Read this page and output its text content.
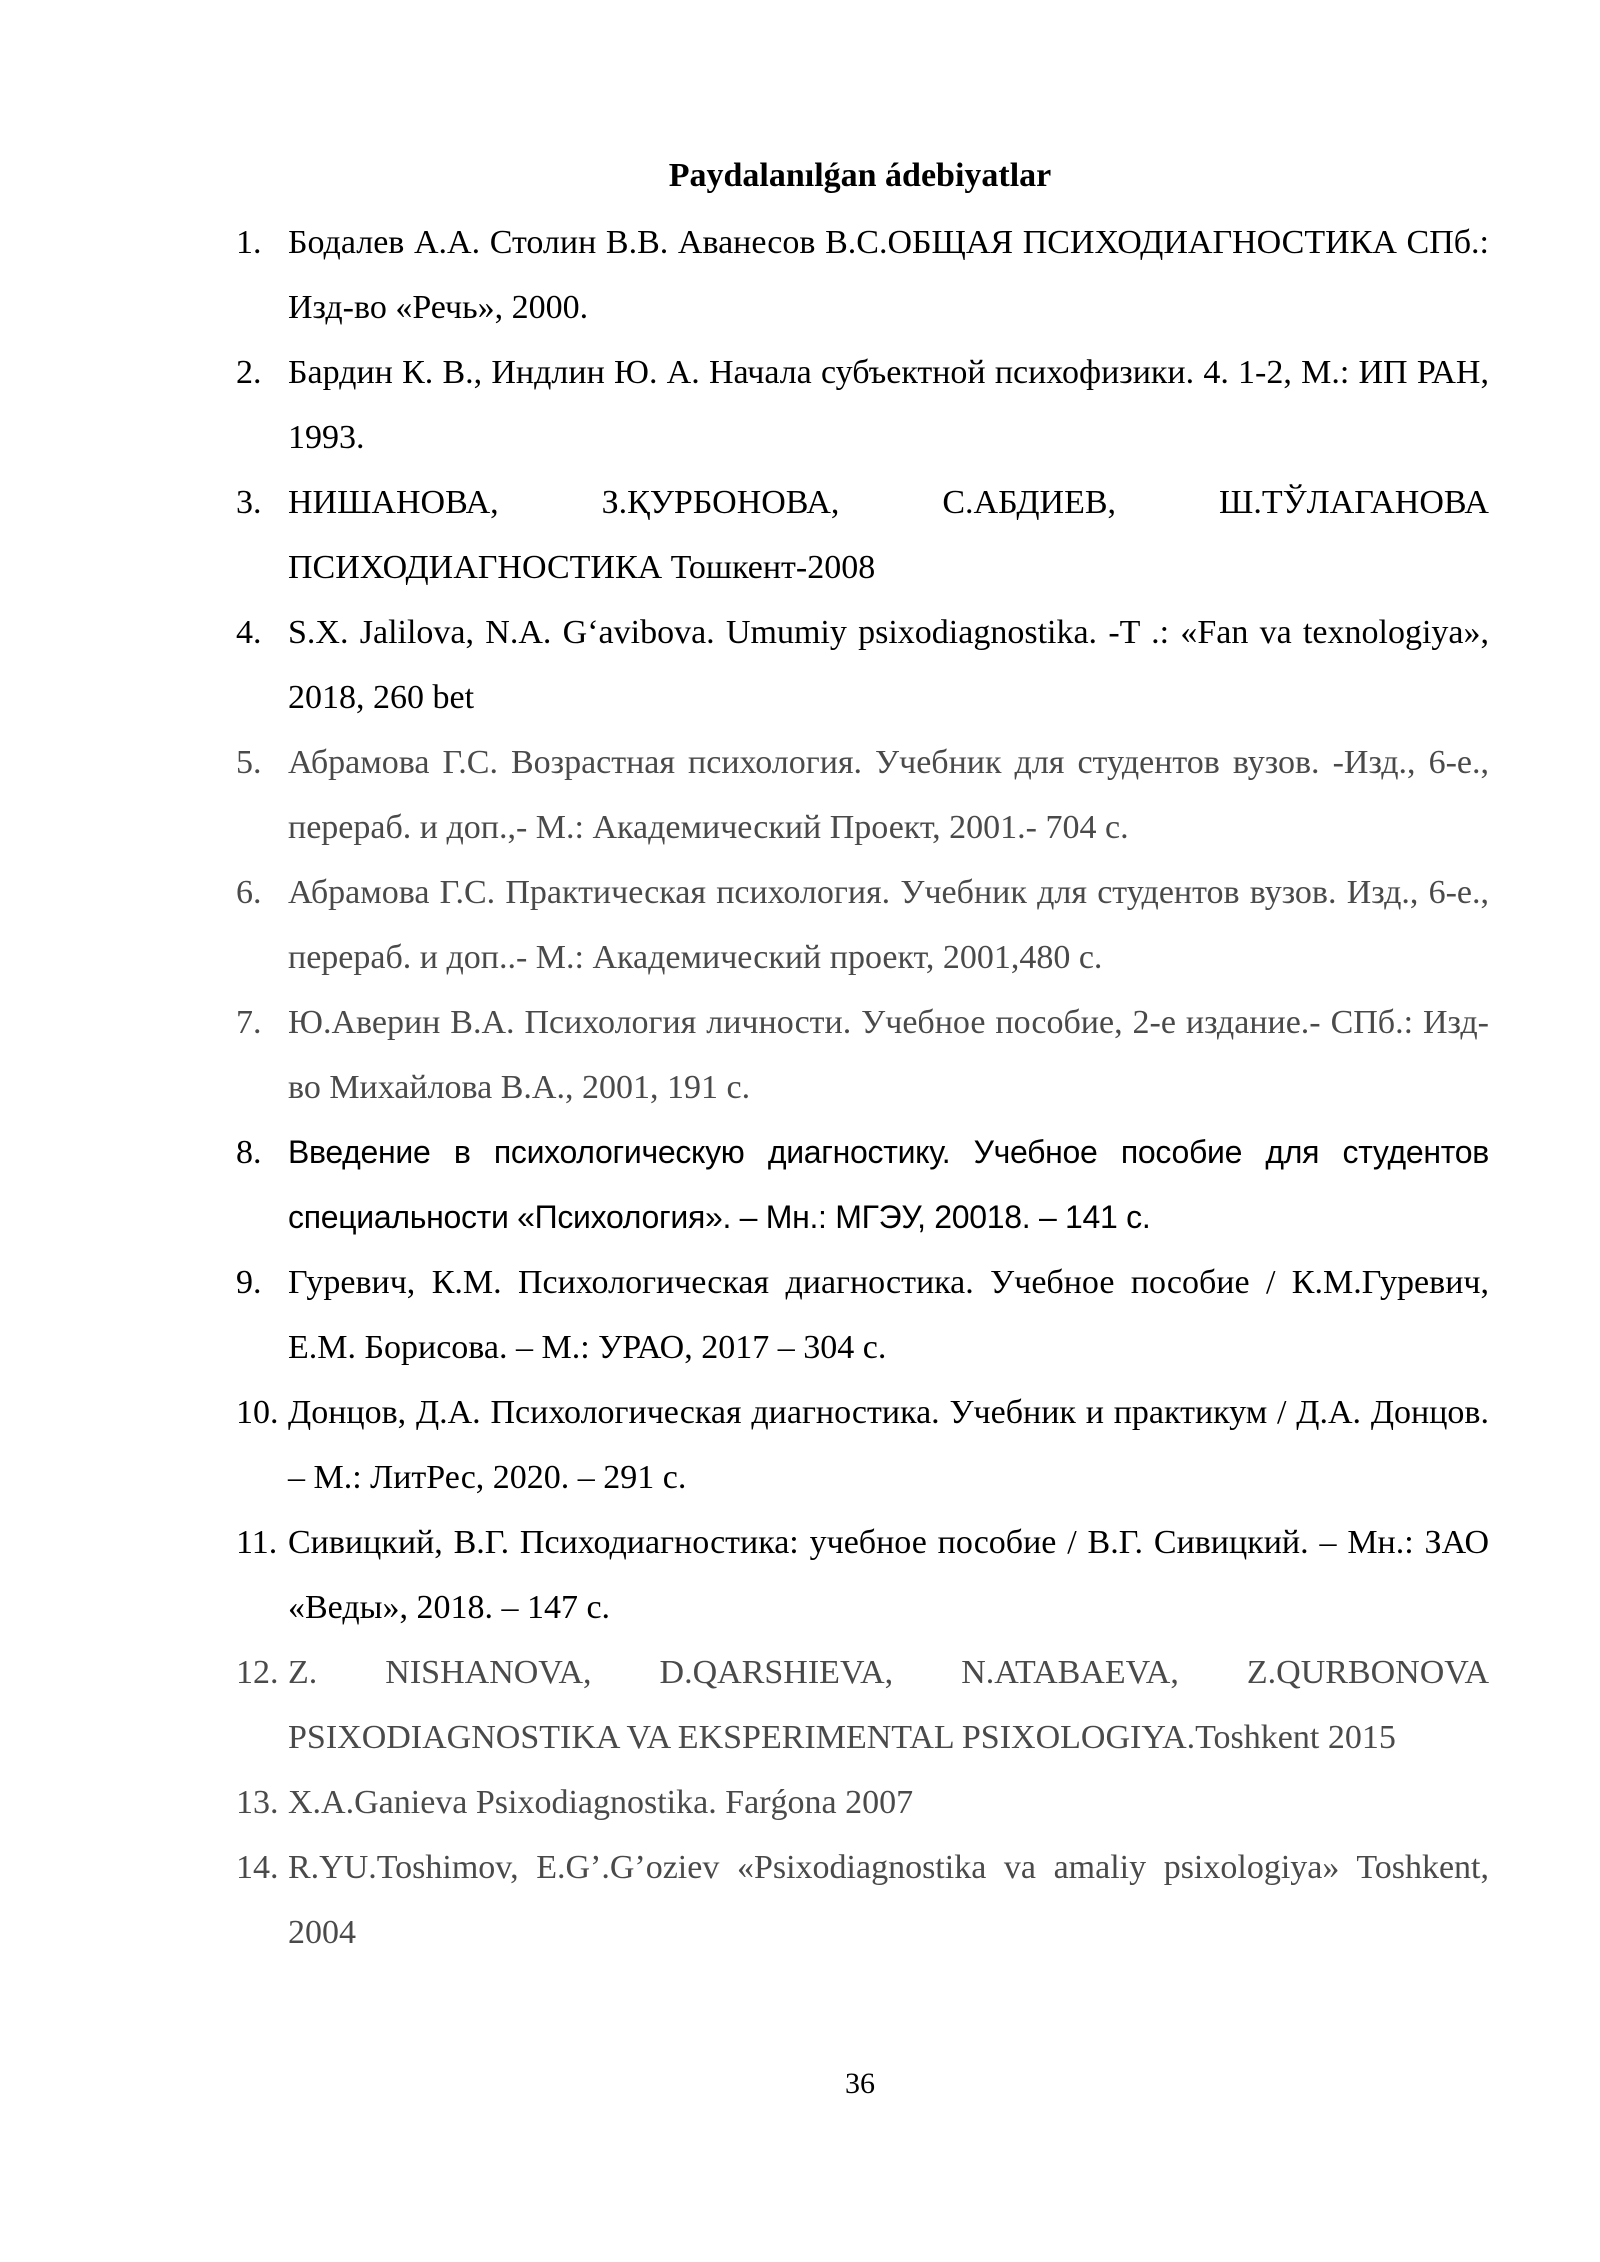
Paydalanılǵan ádebiyatlar
1. Бодалев А.А. Столин В.В. Аванесов В.С.ОБЩАЯ ПСИХОДИАГНОСТИКА СПб.: Изд-во «Речь», 2000.
2. Бардин К. В., Индлин Ю. А. Начала субъектной психофизики. 4. 1-2, М.: ИП РАН, 1993.
3. НИШАНОВА, З.ҚУРБОНОВА, С.АБДИЕВ, Ш.ТЎЛАГАНОВА ПСИХОДИАГНОСТИКА Тошкент-2008
4. S.X. Jalilova, N.A. Gʻavibova. Umumiy psixodiagnostika. -T .: «Fan va texnologiya», 2018, 260 bet
5. Абрамова Г.С. Возрастная психология. Учебник для студентов вузов. -Изд., 6-е., перераб. и доп.,- М.: Академический Проект, 2001.- 704 с.
6. Абрамова Г.С. Практическая психология. Учебник для студентов вузов. Изд., 6-е., перераб. и доп..- М.: Академический проект, 2001,480 с.
7. Ю.Аверин В.А. Психология личности. Учебное пособие, 2-е издание.- СПб.: Изд-во Михайлова В.А., 2001, 191 с.
8. Введение в психологическую диагностику. Учебное пособие для студентов специальности «Психология». – Мн.: МГЭУ, 20018. – 141 с.
9. Гуревич, К.М. Психологическая диагностика. Учебное пособие / К.М.Гуревич, Е.М. Борисова. – М.: УРАО, 2017 – 304 с.
10. Донцов, Д.А. Психологическая диагностика. Учебник и практикум / Д.А. Донцов. – М.: ЛитРес, 2020. – 291 с.
11. Сивицкий, В.Г. Психодиагностика: учебное пособие / В.Г. Сивицкий. – Мн.: ЗАО «Веды», 2018. – 147 с.
12. Z. NISHANOVA, D.QARSHIEVA, N.ATABAEVA, Z.QURBONOVA PSIXODIAGNOSTIKA VA EKSPERIMENTAL PSIXOLOGIYA.Toshkent 2015
13. X.A.Ganieva Psixodiagnostika. Farǵona 2007
14. R.YU.Toshimov, E.G’.G’oziev «Psixodiagnostika va amaliy psixologiya» Toshkent, 2004
36
